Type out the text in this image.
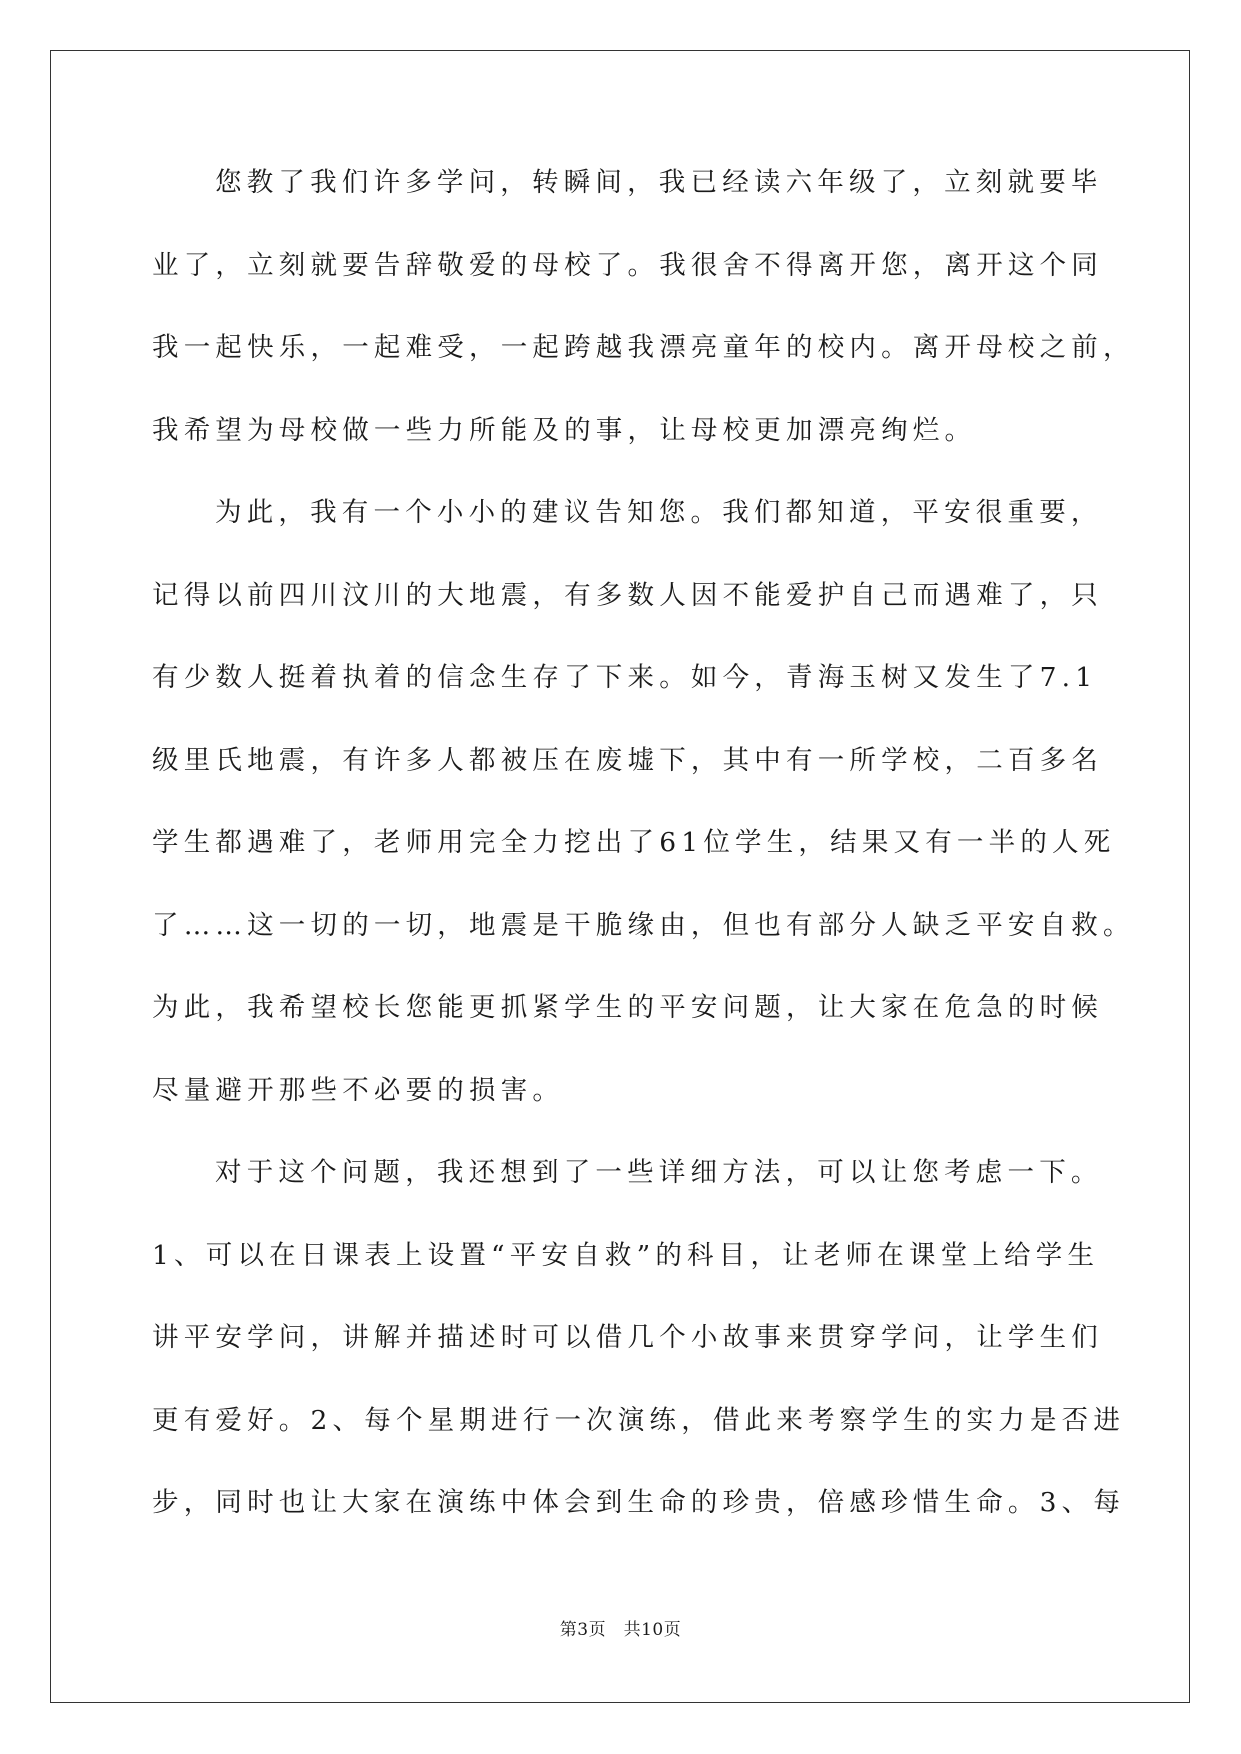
您教了我们许多学问，转瞬间，我已经读六年级了，立刻就要毕
业了，立刻就要告辞敬爱的母校了。我很舍不得离开您，离开这个同
我一起快乐，一起难受，一起跨越我漂亮童年的校内。离开母校之前，
我希望为母校做一些力所能及的事，让母校更加漂亮绚烂。
为此，我有一个小小的建议告知您。我们都知道，平安很重要，
记得以前四川汶川的大地震，有多数人因不能爱护自己而遇难了，只
有少数人挺着执着的信念生存了下来。如今，青海玉树又发生了7.1
级里氏地震，有许多人都被压在废墟下，其中有一所学校，二百多名
学生都遇难了，老师用完全力挖出了61位学生，结果又有一半的人死
了……这一切的一切，地震是干脆缘由，但也有部分人缺乏平安自救。
为此，我希望校长您能更抓紧学生的平安问题，让大家在危急的时候
尽量避开那些不必要的损害。
对于这个问题，我还想到了一些详细方法，可以让您考虑一下。
1、可以在日课表上设置“平安自救”的科目，让老师在课堂上给学生
讲平安学问，讲解并描述时可以借几个小故事来贯穿学问，让学生们
更有爱好。2、每个星期进行一次演练，借此来考察学生的实力是否进
步，同时也让大家在演练中体会到生命的珍贵，倍感珍惜生命。3、每
第3页　共10页
